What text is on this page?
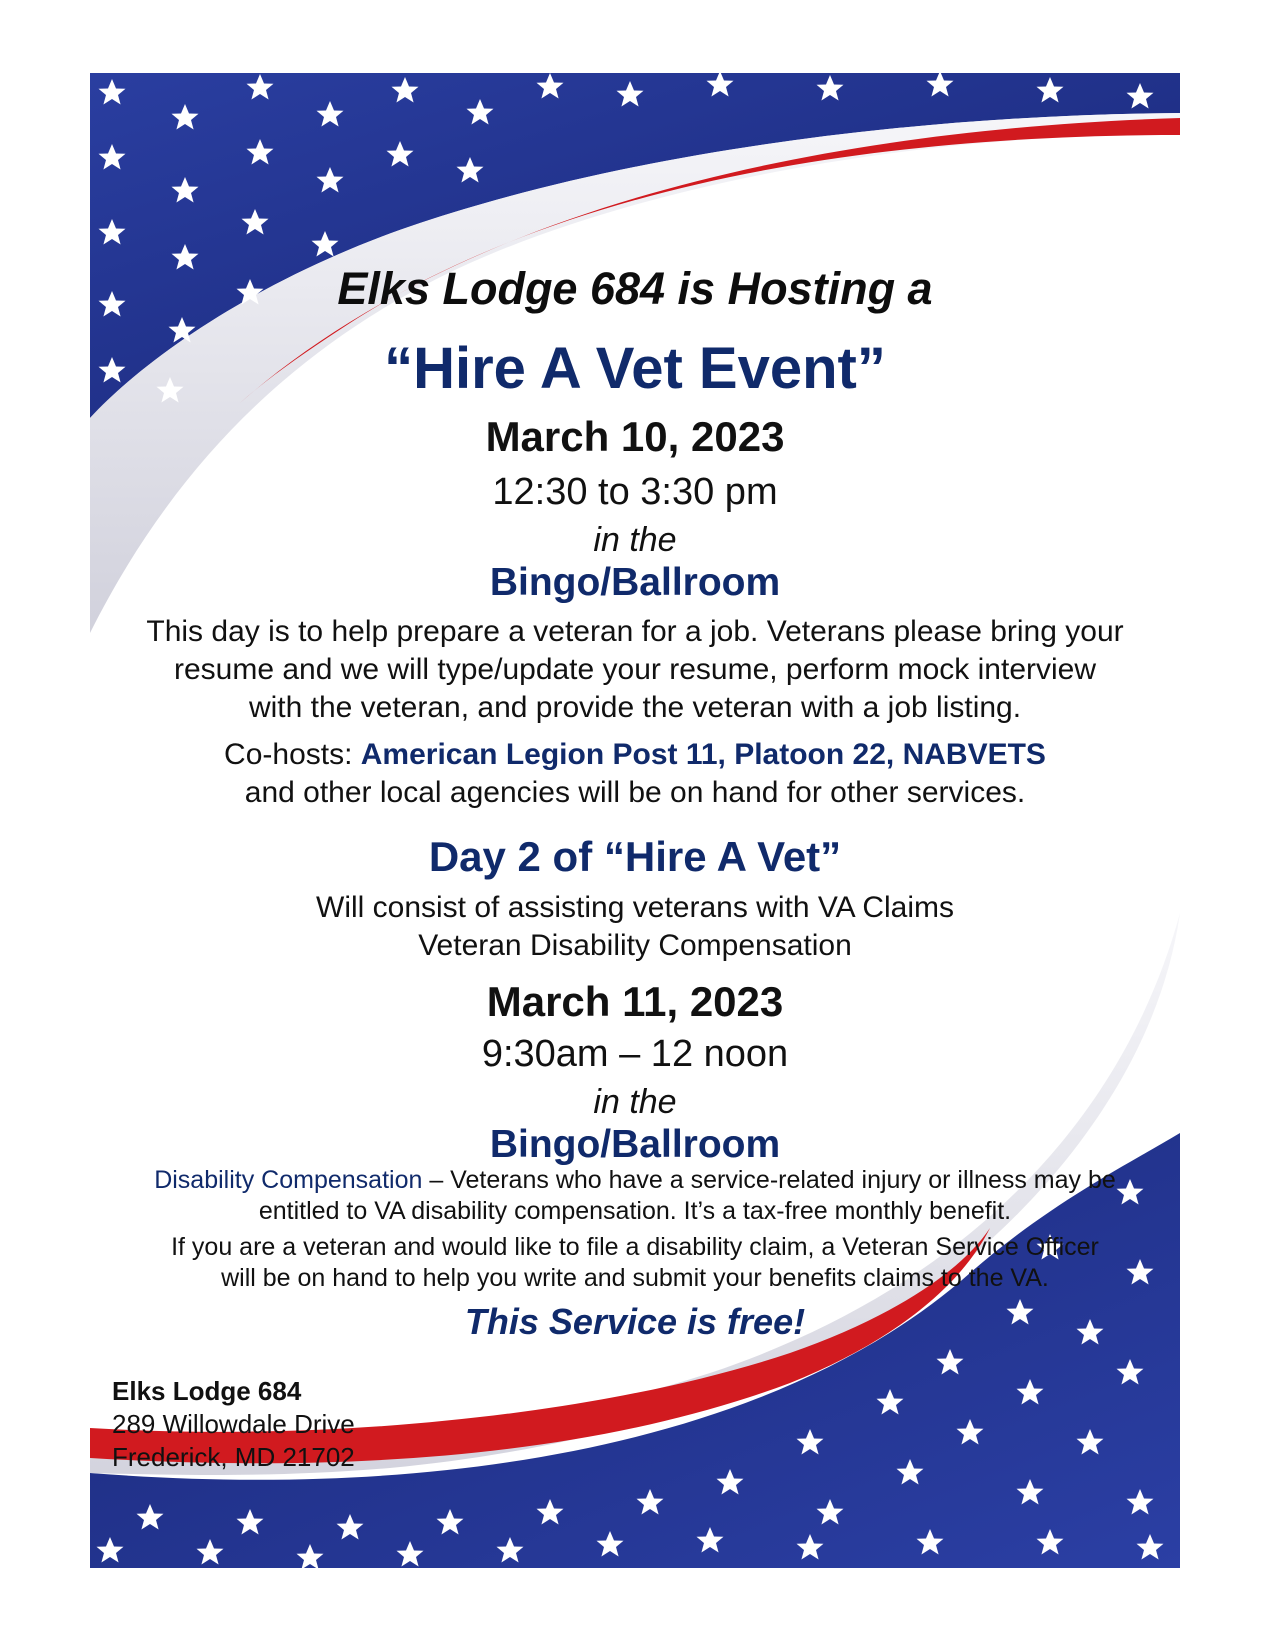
Elks Lodge 684 is Hosting a
“Hire A Vet Event”
March 10, 2023
12:30 to 3:30 pm
in the
Bingo/Ballroom
This day is to help prepare a veteran for a job. Veterans please bring your resume and we will type/update your resume, perform mock interview with the veteran, and provide the veteran with a job listing.
Co-hosts: American Legion Post 11, Platoon 22, NABVETS
and other local agencies will be on hand for other services.
Day 2 of “Hire A Vet”
Will consist of assisting veterans with VA Claims
Veteran Disability Compensation
March 11, 2023
9:30am – 12 noon
in the
Bingo/Ballroom
Disability Compensation – Veterans who have a service-related injury or illness may be
entitled to VA disability compensation. It’s a tax-free monthly benefit.
If you are a veteran and would like to file a disability claim, a Veteran Service Officer
will be on hand to help you write and submit your benefits claims to the VA.
This Service is free!
Elks Lodge 684
289 Willowdale Drive
Frederick, MD 21702
